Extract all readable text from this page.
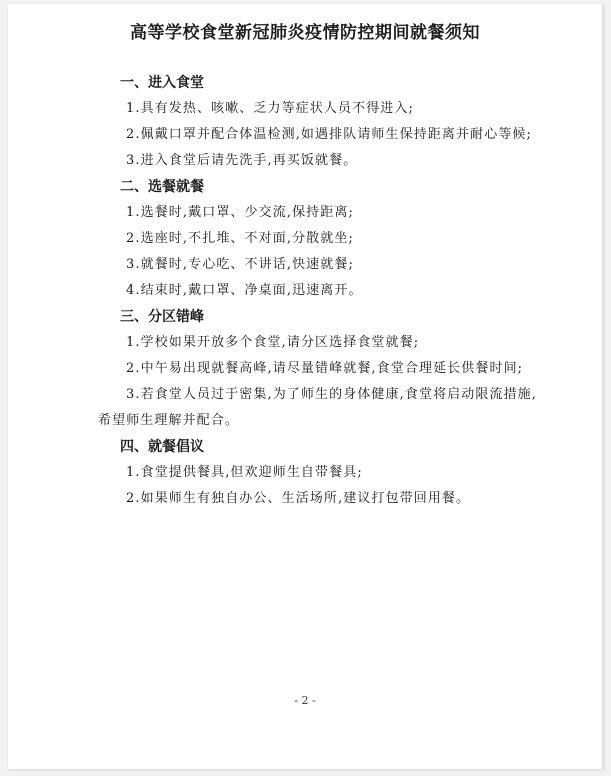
高等学校食堂新冠肺炎疫情防控期间就餐须知
一、进入食堂
1.具有发热、咳嗽、乏力等症状人员不得进入;
2.佩戴口罩并配合体温检测,如遇排队请师生保持距离并耐心等候;
3.进入食堂后请先洗手,再买饭就餐。
二、选餐就餐
1.选餐时,戴口罩、少交流,保持距离;
2.选座时,不扎堆、不对面,分散就坐;
3.就餐时,专心吃、不讲话,快速就餐;
4.结束时,戴口罩、净桌面,迅速离开。
三、分区错峰
1.学校如果开放多个食堂,请分区选择食堂就餐;
2.中午易出现就餐高峰,请尽量错峰就餐,食堂合理延长供餐时间;
3.若食堂人员过于密集,为了师生的身体健康,食堂将启动限流措施,希望师生理解并配合。
四、就餐倡议
1.食堂提供餐具,但欢迎师生自带餐具;
2.如果师生有独自办公、生活场所,建议打包带回用餐。
- 2 -
